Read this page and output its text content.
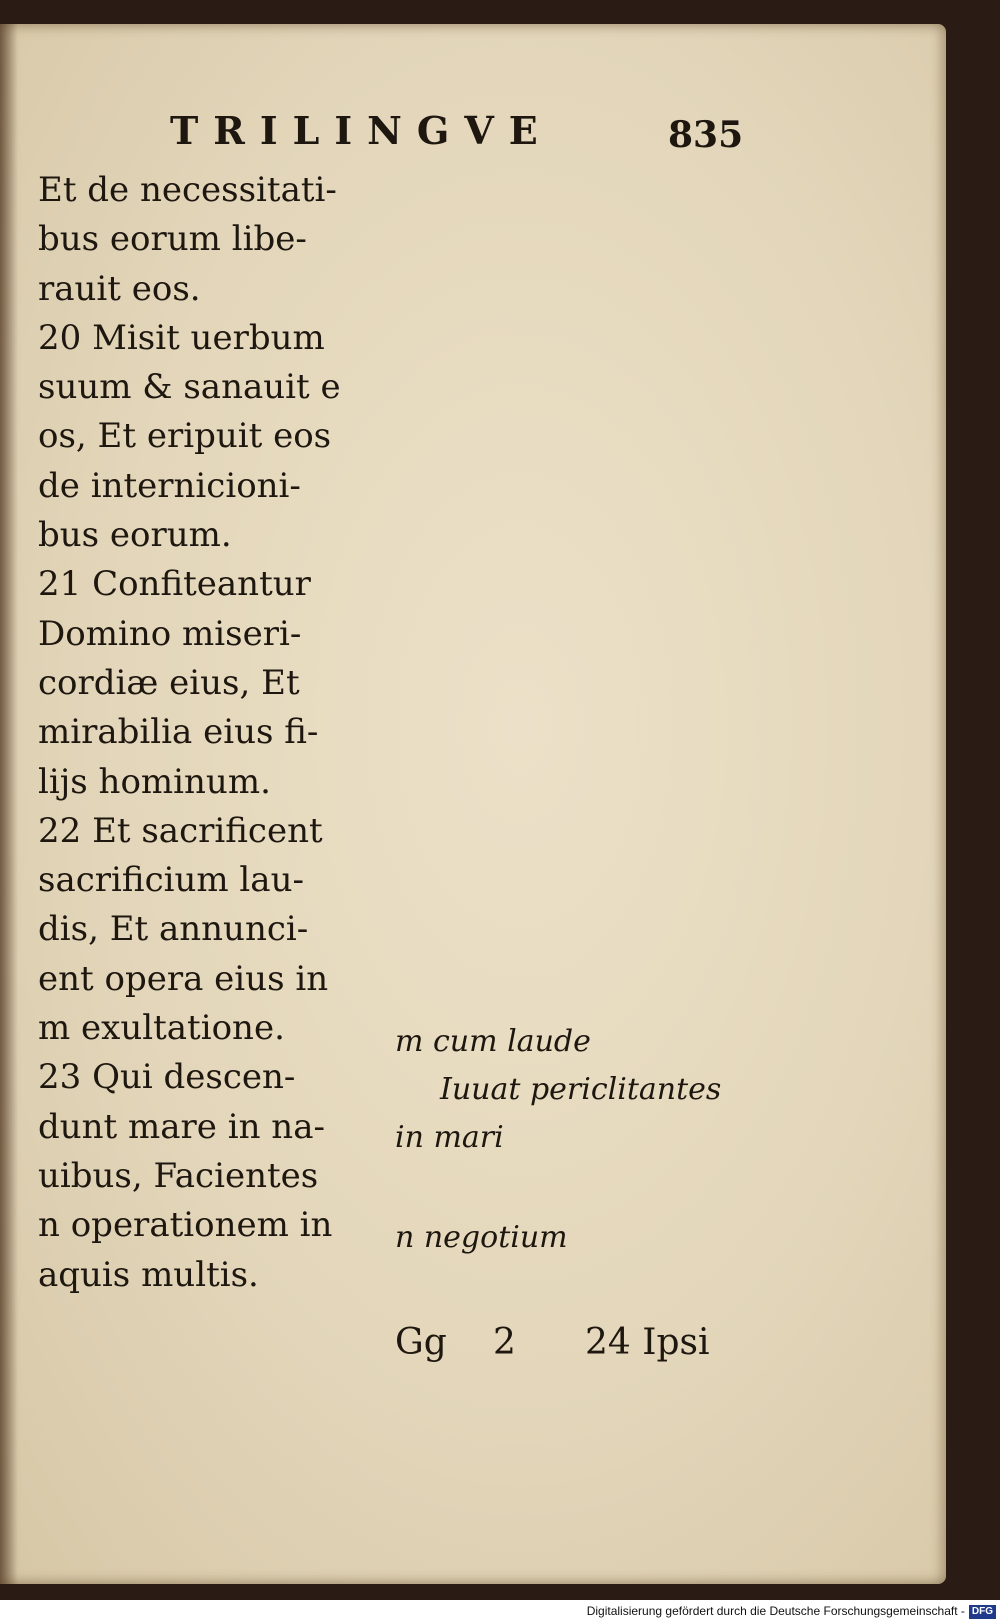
TRILINGVE	835
Et de necessitati-
bus eorum libe-
rauit eos.
20 Misit uerbum
suum & sanauit e
os, Et eripuit eos
de internicioni-
bus eorum.
21 Confiteantur
Domino miseri-
cordiæ eius, Et
mirabilia eius fi-
lijs hominum.
22 Et sacrificent
sacrificium lau-
dis, Et annunci-
ent opera eius in
m exultatione.
23 Qui descen-
dunt mare in na-
uibus, Facientes
n operationem in
aquis multis.
m cum laude
Iuuat periclitantes
in mari
n negotium
Gg 2 24 Ipsi
Digitalisierung gefördert durch die Deutsche Forschungsgemeinschaft - DFG
